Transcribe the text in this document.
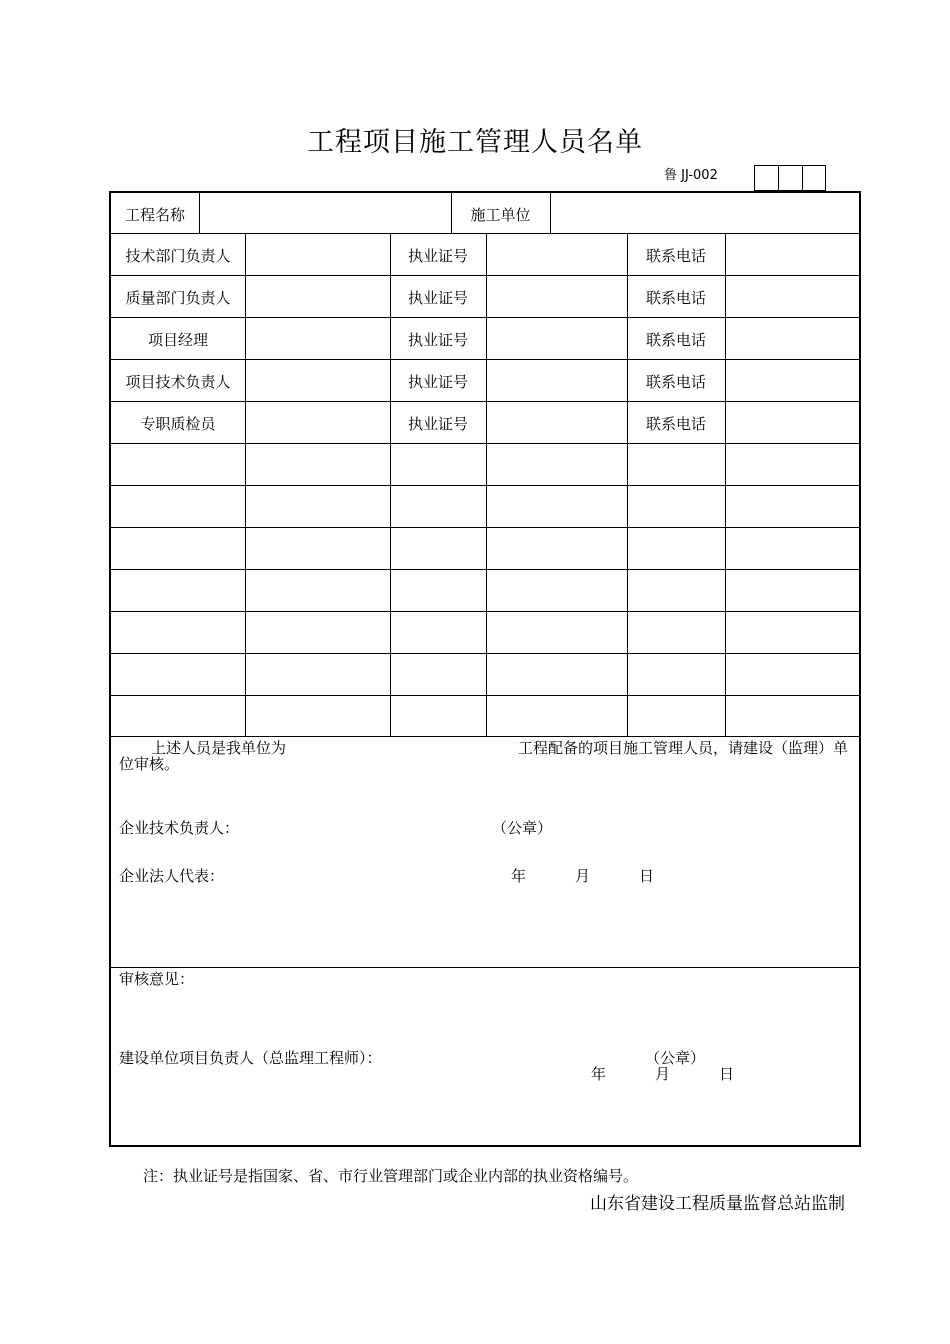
工程项目施工管理人员名单
鲁 JJ-002
工程名称	施工单位
技术部门负责人	执业证号	联系电话
质量部门负责人	执业证号	联系电话
项目经理	执业证号	联系电话
项目技术负责人	执业证号	联系电话
专职质检员	执业证号	联系电话
上述人员是我单位为	工程配备的项目施工管理人员，请建设（监理）单
位审核。
企业技术负责人：	（公章）
企业法人代表：	年	月	日
审核意见：
建设单位项目负责人（总监理工程师）：	（公章）
年	月	日
注：执业证号是指国家、省、市行业管理部门或企业内部的执业资格编号。
山东省建设工程质量监督总站监制
